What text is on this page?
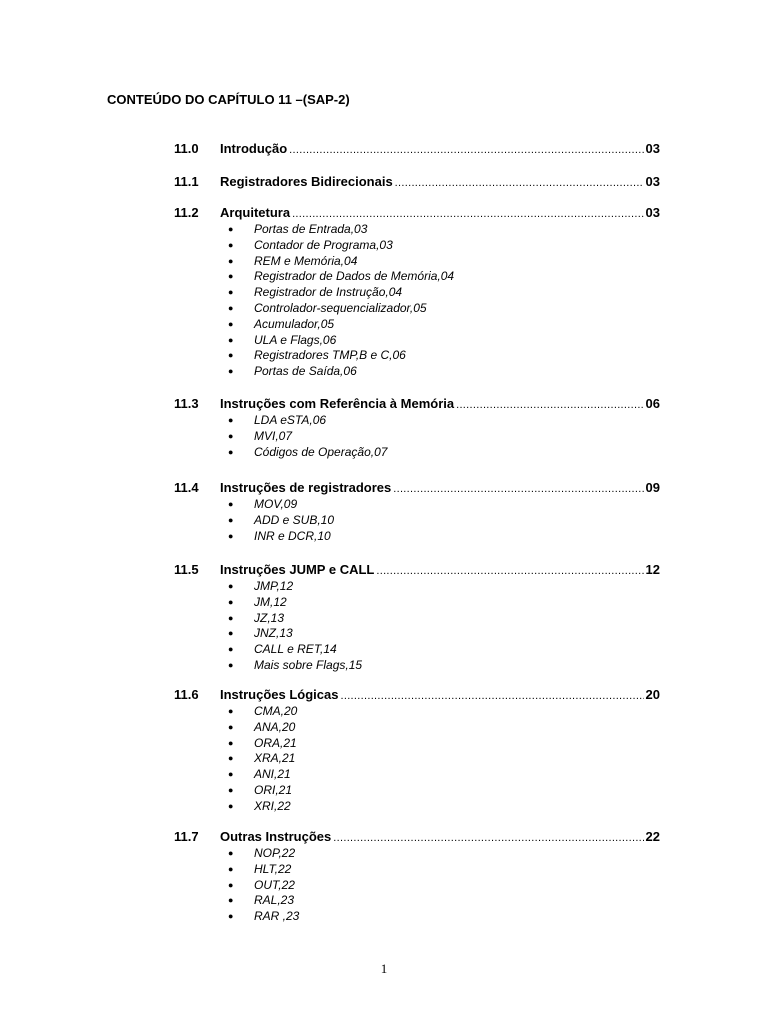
CONTEÚDO DO CAPÍTULO 11 –(SAP-2)
11.0 Introdução .....	03
11.1 Registradores Bidirecionais .....	03
11.2 Arquitetura .....	03
● Portas de Entrada,03
● Contador de Programa,03
● REM e Memória,04
● Registrador de Dados de Memória,04
● Registrador de Instrução,04
● Controlador-sequencializador,05
● Acumulador,05
● ULA e Flags,06
● Registradores TMP,B e C,06
● Portas de Saída,06
11.3 Instruções com Referência à Memória .....	06
● LDA eSTA,06
● MVI,07
● Códigos de Operação,07
11.4 Instruções de registradores .....	09
● MOV,09
● ADD e SUB,10
● INR e DCR,10
11.5 Instruções JUMP e CALL .....	12
● JMP,12
● JM,12
● JZ,13
● JNZ,13
● CALL e RET,14
● Mais sobre Flags,15
11.6 Instruções Lógicas .....	20
● CMA,20
● ANA,20
● ORA,21
● XRA,21
● ANI,21
● ORI,21
● XRI,22
11.7 Outras Instruções .....	22
● NOP,22
● HLT,22
● OUT,22
● RAL,23
● RAR ,23
1
